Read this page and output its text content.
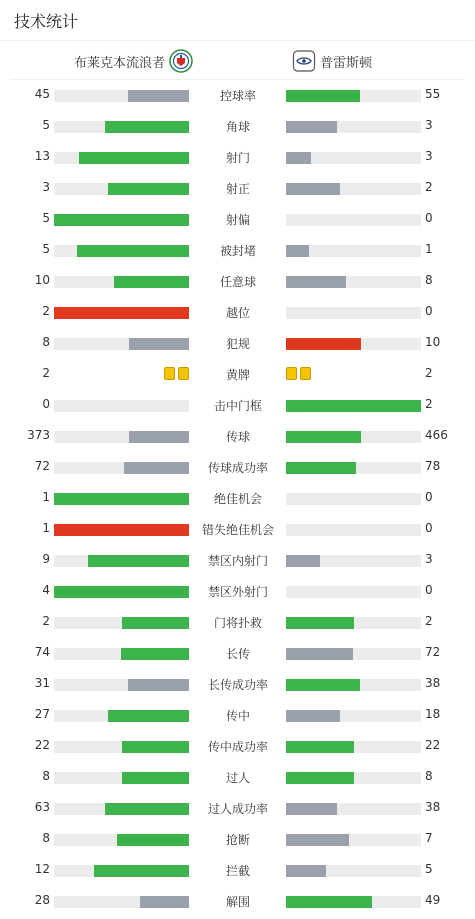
技术统计
布莱克本流浪者	普雷斯顿
45	控球率	55
5	角球	3
13	射门	3
3	射正	2
5	射偏	0
5	被封堵	1
10	任意球	8
2	越位	0
8	犯规	10
2	黄牌	2
0	击中门框	2
373	传球	466
72	传球成功率	78
1	绝佳机会	0
1	错失绝佳机会	0
9	禁区内射门	3
4	禁区外射门	0
2	门将扑救	2
74	长传	72
31	长传成功率	38
27	传中	18
22	传中成功率	22
8	过人	8
63	过人成功率	38
8	抢断	7
12	拦截	5
28	解围	49
